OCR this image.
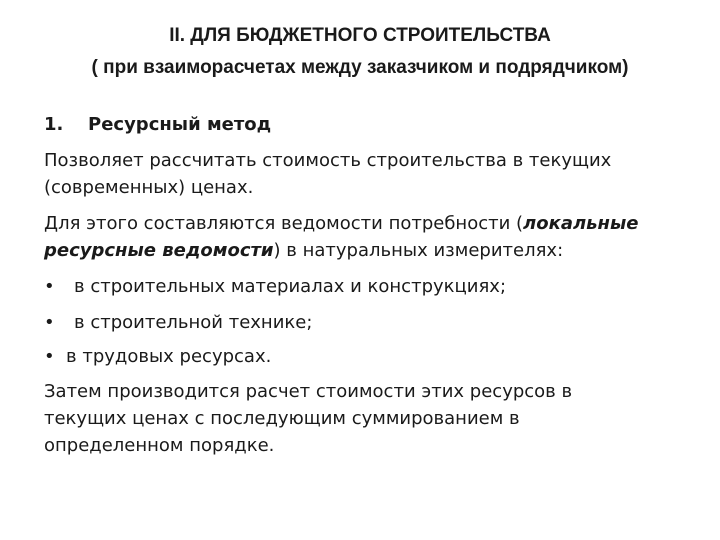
II. ДЛЯ БЮДЖЕТНОГО СТРОИТЕЛЬСТВА
( при взаиморасчетах между заказчиком и подрядчиком)
1. Ресурсный метод
Позволяет рассчитать стоимость строительства в текущих
(современных) ценах.
Для этого составляются ведомости потребности (локальные
ресурсные ведомости) в натуральных измерителях:
• в строительных материалах и конструкциях;
• в строительной технике;
• в трудовых ресурсах.
Затем производится расчет стоимости этих ресурсов в
текущих ценах с последующим суммированием в
определенном порядке.
